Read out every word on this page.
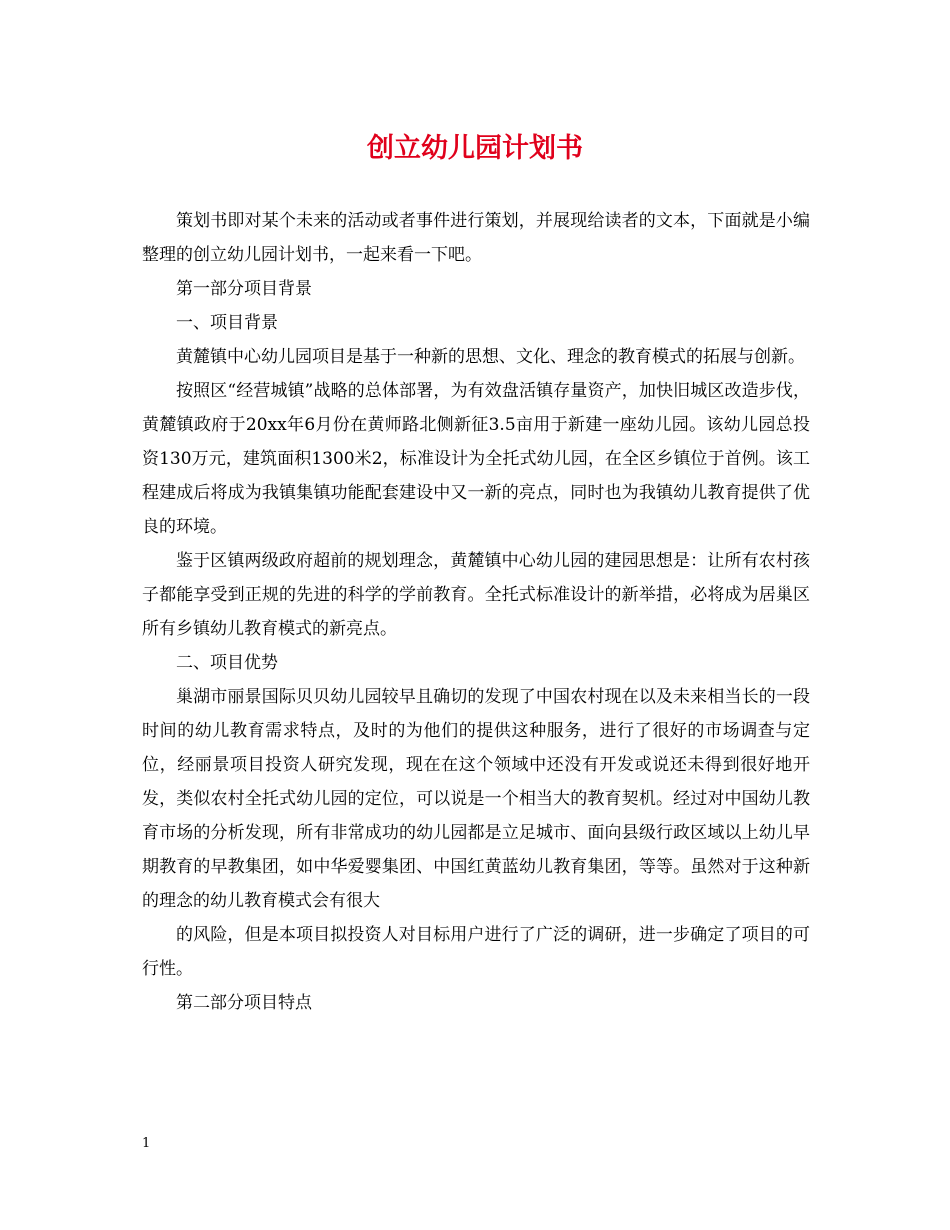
创立幼儿园计划书

策划书即对某个未来的活动或者事件进行策划，并展现给读者的文本，下面就是小编整理的创立幼儿园计划书，一起来看一下吧。

第一部分项目背景

一、项目背景

黄麓镇中心幼儿园项目是基于一种新的思想、文化、理念的教育模式的拓展与创新。

按照区“经营城镇”战略的总体部署，为有效盘活镇存量资产，加快旧城区改造步伐，黄麓镇政府于20xx年6月份在黄师路北侧新征3.5亩用于新建一座幼儿园。该幼儿园总投资130万元，建筑面积1300米2，标准设计为全托式幼儿园，在全区乡镇位于首例。该工程建成后将成为我镇集镇功能配套建设中又一新的亮点，同时也为我镇幼儿教育提供了优良的环境。

鉴于区镇两级政府超前的规划理念，黄麓镇中心幼儿园的建园思想是：让所有农村孩子都能享受到正规的先进的科学的学前教育。全托式标准设计的新举措，必将成为居巢区所有乡镇幼儿教育模式的新亮点。

二、项目优势

巢湖市丽景国际贝贝幼儿园较早且确切的发现了中国农村现在以及未来相当长的一段时间的幼儿教育需求特点，及时的为他们的提供这种服务，进行了很好的市场调查与定位，经丽景项目投资人研究发现，现在在这个领域中还没有开发或说还未得到很好地开发，类似农村全托式幼儿园的定位，可以说是一个相当大的教育契机。经过对中国幼儿教育市场的分析发现，所有非常成功的幼儿园都是立足城市、面向县级行政区域以上幼儿早期教育的早教集团，如中华爱婴集团、中国红黄蓝幼儿教育集团，等等。虽然对于这种新的理念的幼儿教育模式会有很大

的风险，但是本项目拟投资人对目标用户进行了广泛的调研，进一步确定了项目的可行性。

第二部分项目特点

1
